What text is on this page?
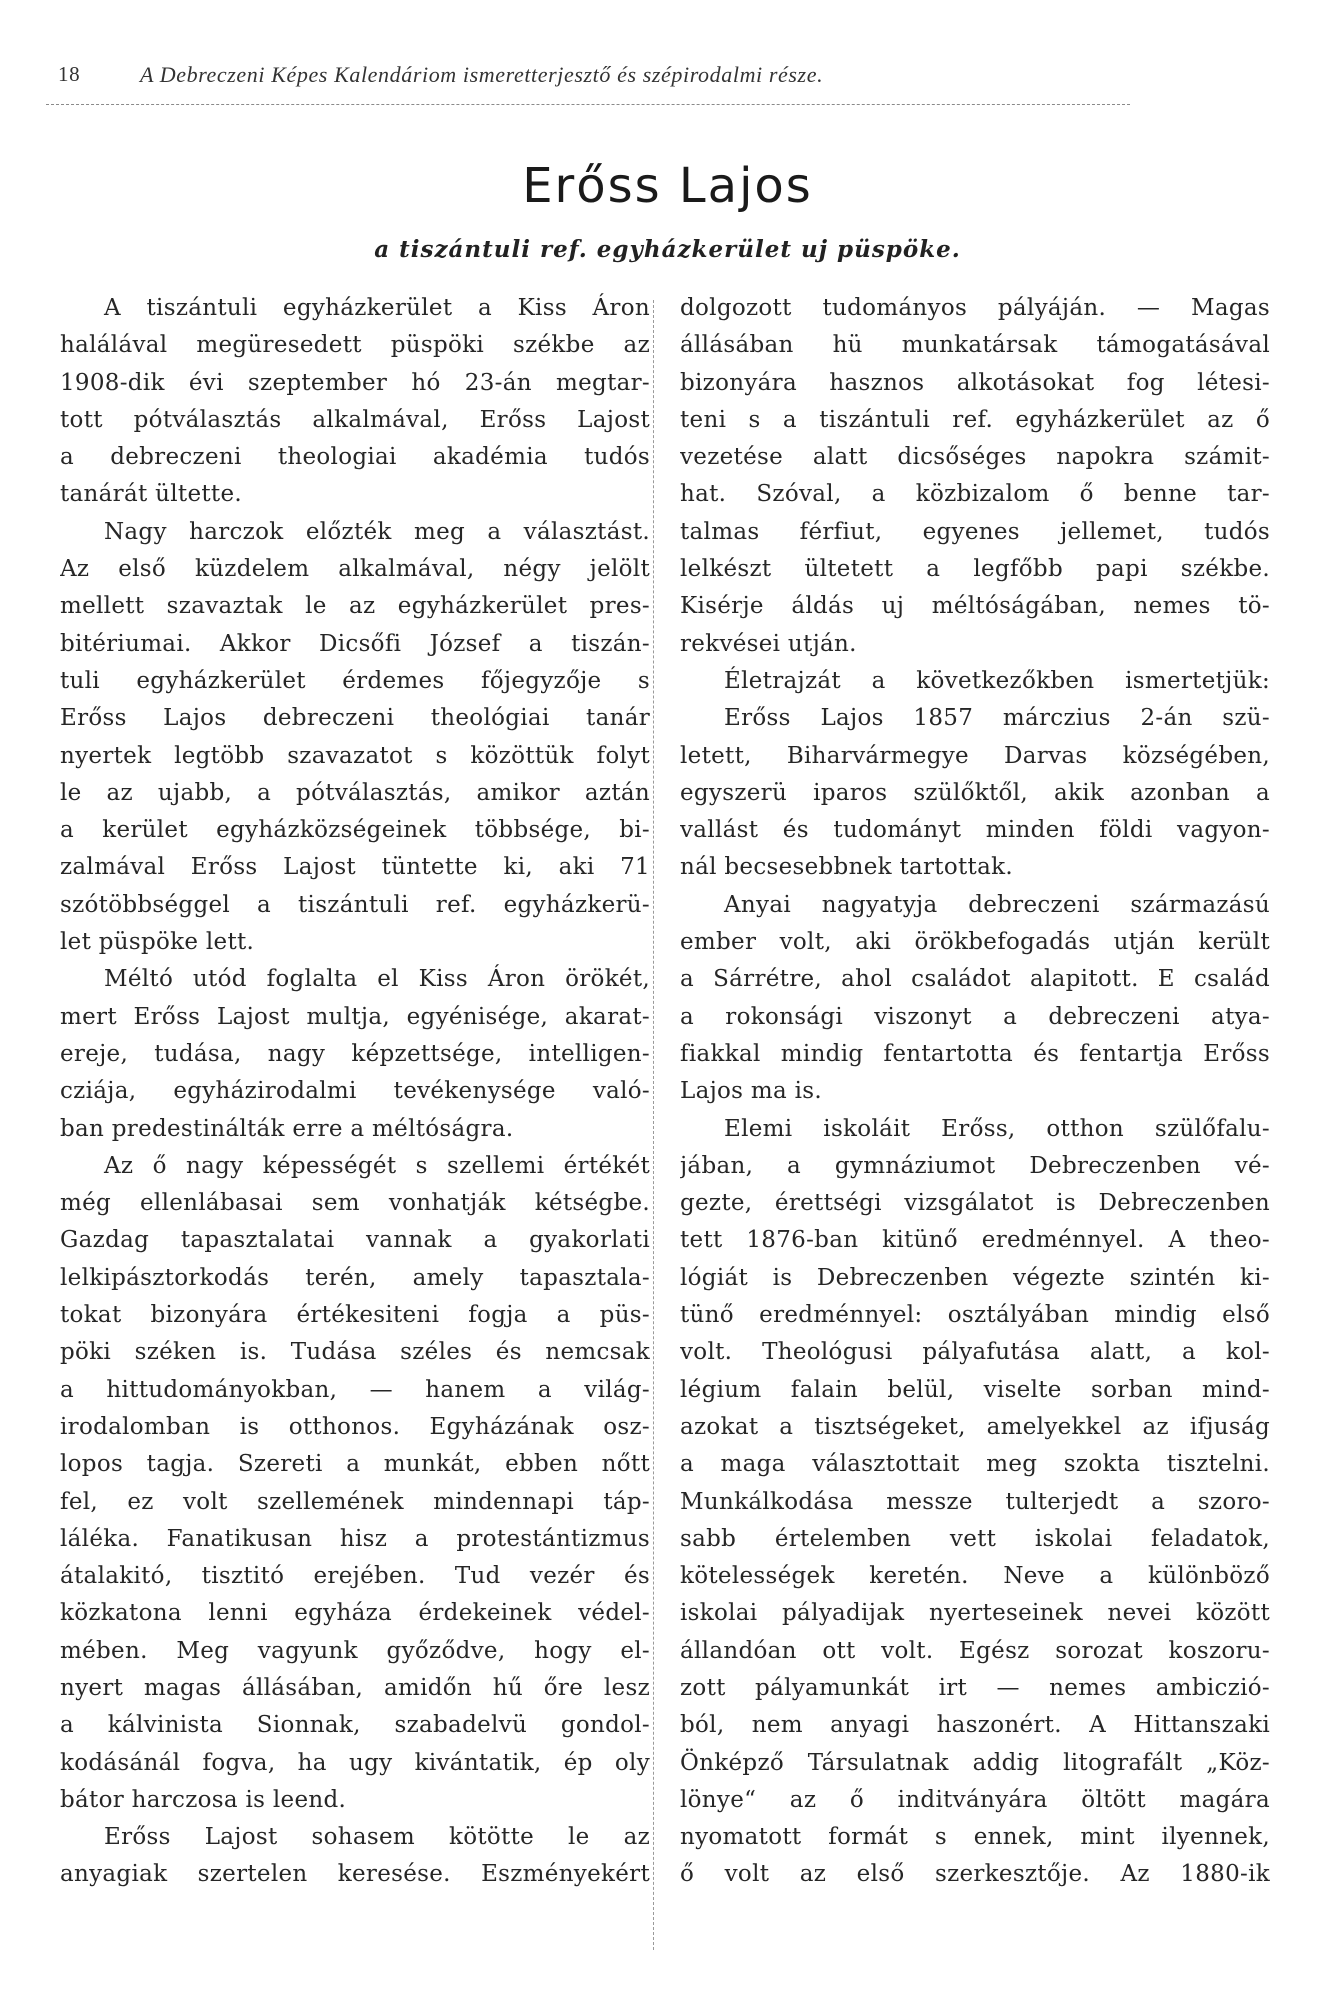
18	A Debreczeni Képes Kalendáriom ismeretterjesztő és szépirodalmi része.
Erőss Lajos
a tiszántuli ref. egyházkerület uj püspöke.
A tiszántuli egyházkerület a Kiss Áron
halálával megüresedett püspöki székbe az
1908-dik évi szeptember hó 23-án megtar-
tott pótválasztás alkalmával, Erőss Lajost
a debreczeni theologiai akadémia tudós
tanárát ültette.
Nagy harczok előzték meg a választást.
Az első küzdelem alkalmával, négy jelölt
mellett szavaztak le az egyházkerület pres-
bitériumai. Akkor Dicsőfi József a tiszán-
tuli egyházkerület érdemes főjegyzője s
Erőss Lajos debreczeni theológiai tanár
nyertek legtöbb szavazatot s közöttük folyt
le az ujabb, a pótválasztás, amikor aztán
a kerület egyházközségeinek többsége, bi-
zalmával Erőss Lajost tüntette ki, aki 71
szótöbbséggel a tiszántuli ref. egyházkerü-
let püspöke lett.
Méltó utód foglalta el Kiss Áron örökét,
mert Erőss Lajost multja, egyénisége, akarat-
ereje, tudása, nagy képzettsége, intelligen-
cziája, egyházirodalmi tevékenysége való-
ban predestinálták erre a méltóságra.
Az ő nagy képességét s szellemi értékét
még ellenlábasai sem vonhatják kétségbe.
Gazdag tapasztalatai vannak a gyakorlati
lelkipásztorkodás terén, amely tapasztala-
tokat bizonyára értékesiteni fogja a püs-
pöki széken is. Tudása széles és nemcsak
a hittudományokban, — hanem a világ-
irodalomban is otthonos. Egyházának osz-
lopos tagja. Szereti a munkát, ebben nőtt
fel, ez volt szellemének mindennapi táp-
láléka. Fanatikusan hisz a protestántizmus
átalakitó, tisztitó erejében. Tud vezér és
közkatona lenni egyháza érdekeinek védel-
mében. Meg vagyunk győződve, hogy el-
nyert magas állásában, amidőn hű őre lesz
a kálvinista Sionnak, szabadelvü gondol-
kodásánál fogva, ha ugy kivántatik, ép oly
bátor harczosa is leend.
Erőss Lajost sohasem kötötte le az
anyagiak szertelen keresése. Eszményekért
dolgozott tudományos pályáján. — Magas
állásában hü munkatársak támogatásával
bizonyára hasznos alkotásokat fog létesi-
teni s a tiszántuli ref. egyházkerület az ő
vezetése alatt dicsőséges napokra számit-
hat. Szóval, a közbizalom ő benne tar-
talmas férfiut, egyenes jellemet, tudós
lelkészt ültetett a legfőbb papi székbe.
Kisérje áldás uj méltóságában, nemes tö-
rekvései utján.
Életrajzát a következőkben ismertetjük:
Erőss Lajos 1857 márczius 2-án szü-
letett, Biharvármegye Darvas községében,
egyszerü iparos szülőktől, akik azonban a
vallást és tudományt minden földi vagyon-
nál becsesebbnek tartottak.
Anyai nagyatyja debreczeni származású
ember volt, aki örökbefogadás utján került
a Sárrétre, ahol családot alapitott. E család
a rokonsági viszonyt a debreczeni atya-
fiakkal mindig fentartotta és fentartja Erőss
Lajos ma is.
Elemi iskoláit Erőss, otthon szülőfalu-
jában, a gymnáziumot Debreczenben vé-
gezte, érettségi vizsgálatot is Debreczenben
tett 1876-ban kitünő eredménnyel. A theo-
lógiát is Debreczenben végezte szintén ki-
tünő eredménnyel: osztályában mindig első
volt. Theológusi pályafutása alatt, a kol-
légium falain belül, viselte sorban mind-
azokat a tisztségeket, amelyekkel az ifjuság
a maga választottait meg szokta tisztelni.
Munkálkodása messze tulterjedt a szoro-
sabb értelemben vett iskolai feladatok,
kötelességek keretén. Neve a különböző
iskolai pályadijak nyerteseinek nevei között
állandóan ott volt. Egész sorozat koszoru-
zott pályamunkát irt — nemes ambiczió-
ból, nem anyagi haszonért. A Hittanszaki
Önképző Társulatnak addig litografált „Köz-
lönye“ az ő inditványára öltött magára
nyomatott formát s ennek, mint ilyennek,
ő volt az első szerkesztője. Az 1880-ik
